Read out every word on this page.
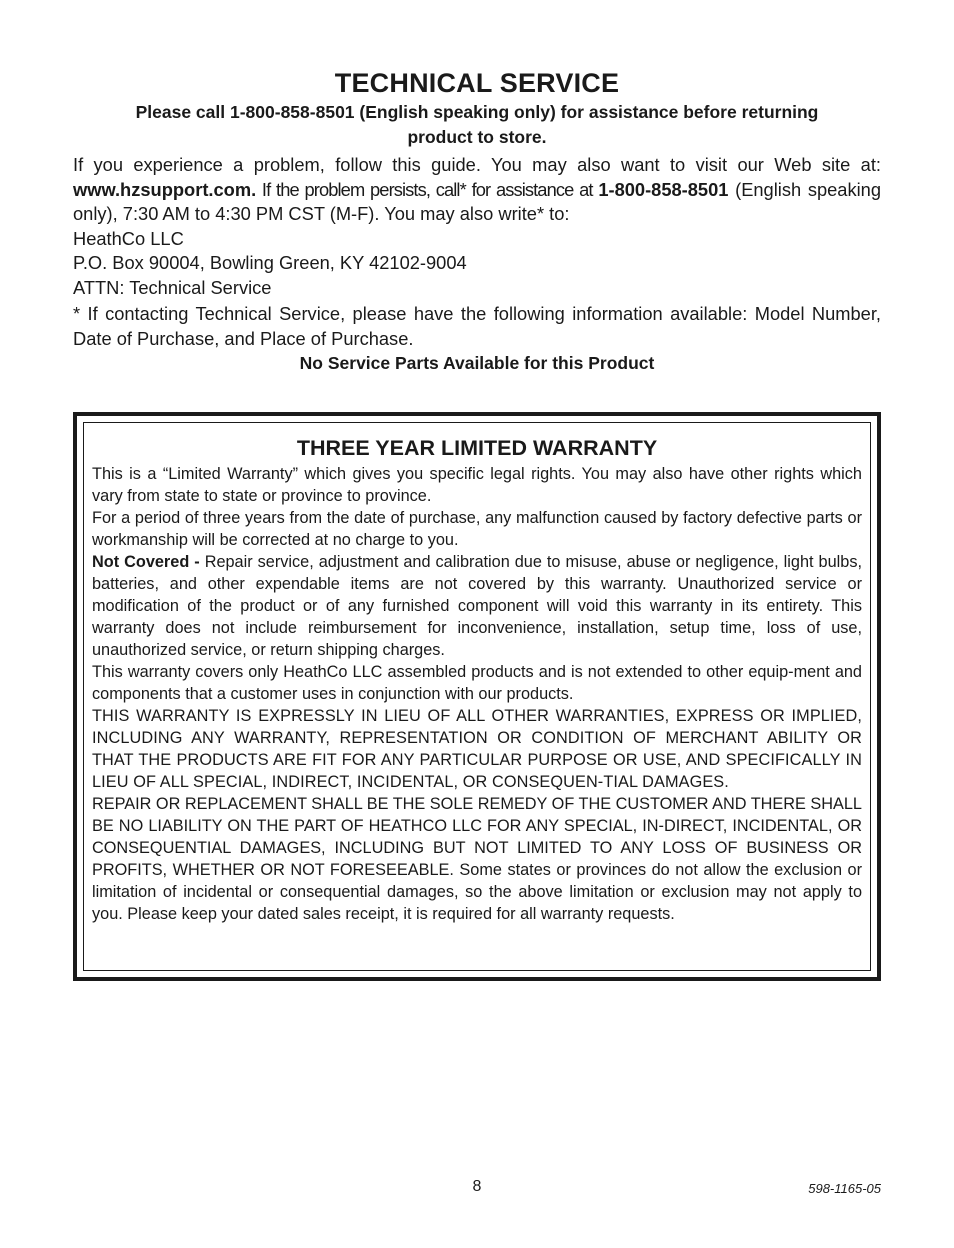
TECHNICAL SERVICE
Please call 1-800-858-8501 (English speaking only) for assistance before returning
product to store.

If you experience a problem, follow this guide. You may also want to visit our Web site at: www.hzsupport.com. If the problem persists, call* for assistance at 1-800-858-8501 (English speaking only), 7:30 AM to 4:30 PM CST (M-F). You may also write* to:

HeathCo LLC

P.O. Box 90004, Bowling Green, KY 42102-9004

ATTN: Technical Service

* If contacting Technical Service, please have the following information available: Model Number, Date of Purchase, and Place of Purchase.

No Service Parts Available for this Product

THREE YEAR LIMITED WARRANTY

This is a “Limited Warranty” which gives you specific legal rights. You may also have other rights which vary from state to state or province to province.

For a period of three years from the date of purchase, any malfunction caused by factory defective parts or workmanship will be corrected at no charge to you.

Not Covered - Repair service, adjustment and calibration due to misuse, abuse or negligence, light bulbs, batteries, and other expendable items are not covered by this warranty. Unauthorized service or modification of the product or of any furnished component will void this warranty in its entirety. This warranty does not include reimbursement for inconvenience, installation, setup time, loss of use, unauthorized service, or return shipping charges.

This warranty covers only HeathCo LLC assembled products and is not extended to other equip-ment and components that a customer uses in conjunction with our products.

THIS WARRANTY IS EXPRESSLY IN LIEU OF ALL OTHER WARRANTIES, EXPRESS OR IMPLIED, INCLUDING ANY WARRANTY, REPRESENTATION OR CONDITION OF MERCHANT ABILITY OR THAT THE PRODUCTS ARE FIT FOR ANY PARTICULAR PURPOSE OR USE, AND SPECIFICALLY IN LIEU OF ALL SPECIAL, INDIRECT, INCIDENTAL, OR CONSEQUEN-TIAL DAMAGES.

REPAIR OR REPLACEMENT SHALL BE THE SOLE REMEDY OF THE CUSTOMER AND THERE SHALL BE NO LIABILITY ON THE PART OF HEATHCO LLC FOR ANY SPECIAL, IN-DIRECT, INCIDENTAL, OR CONSEQUENTIAL DAMAGES, INCLUDING BUT NOT LIMITED TO ANY LOSS OF BUSINESS OR PROFITS, WHETHER OR NOT FORESEEABLE. Some states or provinces do not allow the exclusion or limitation of incidental or consequential damages, so the above limitation or exclusion may not apply to you. Please keep your dated sales receipt, it is required for all warranty requests.

8	598-1165-05
